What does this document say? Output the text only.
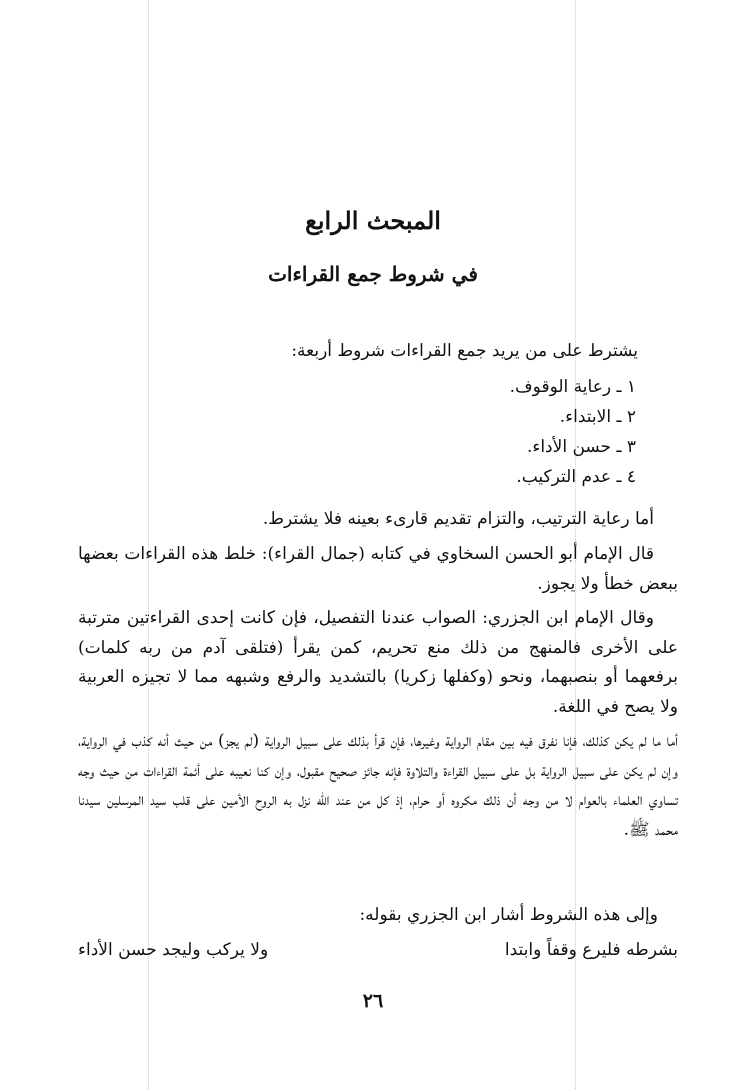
المبحث الرابع
في شروط جمع القراءات

يشترط على من يريد جمع القراءات شروط أربعة:

١ ـ رعاية الوقوف.
٢ ـ الابتداء.
٣ ـ حسن الأداء.
٤ ـ عدم التركيب.

أما رعاية الترتيب، والتزام تقديم قارىء بعينه فلا يشترط.

قال الإمام أبو الحسن السخاوي في كتابه (جمال القراء): خلط هذه القراءات بعضها ببعض خطأ ولا يجوز.

وقال الإمام ابن الجزري: الصواب عندنا التفصيل، فإن كانت إحدى القراءتين مترتبة على الأخرى فالمنهج من ذلك منع تحريم، كمن يقرأ (فتلقى آدم من ربه كلمات) برفعهما أو بنصبهما، ونحو (وكفلها زكريا) بالتشديد والرفع وشبهه مما لا تجيزه العربية ولا يصح في اللغة.

أما ما لم يكن كذلك، فإنا نفرق فيه بين مقام الرواية وغيرها، فإن قرأ بذلك على سبيل الرواية (لم يجز) من حيث أنه كذب في الرواية، وإن لم يكن على سبيل الرواية بل على سبيل القراءة والتلاوة فإنه جائز صحيح مقبول، وإن كنا نعيبه على أئمة القراءات من حيث وجه تساوي العلماء بالعوام لا من وجه أن ذلك مكروه أو حرام، إذ كل من عند الله نزل به الروح الأمين على قلب سيد المرسلين سيدنا محمد ﷺ.

وإلى هذه الشروط أشار ابن الجزري بقوله:

بشرطه فليرع وقفاً وابتدا
ولا يركب وليجد حسن الأداء

٢٦
